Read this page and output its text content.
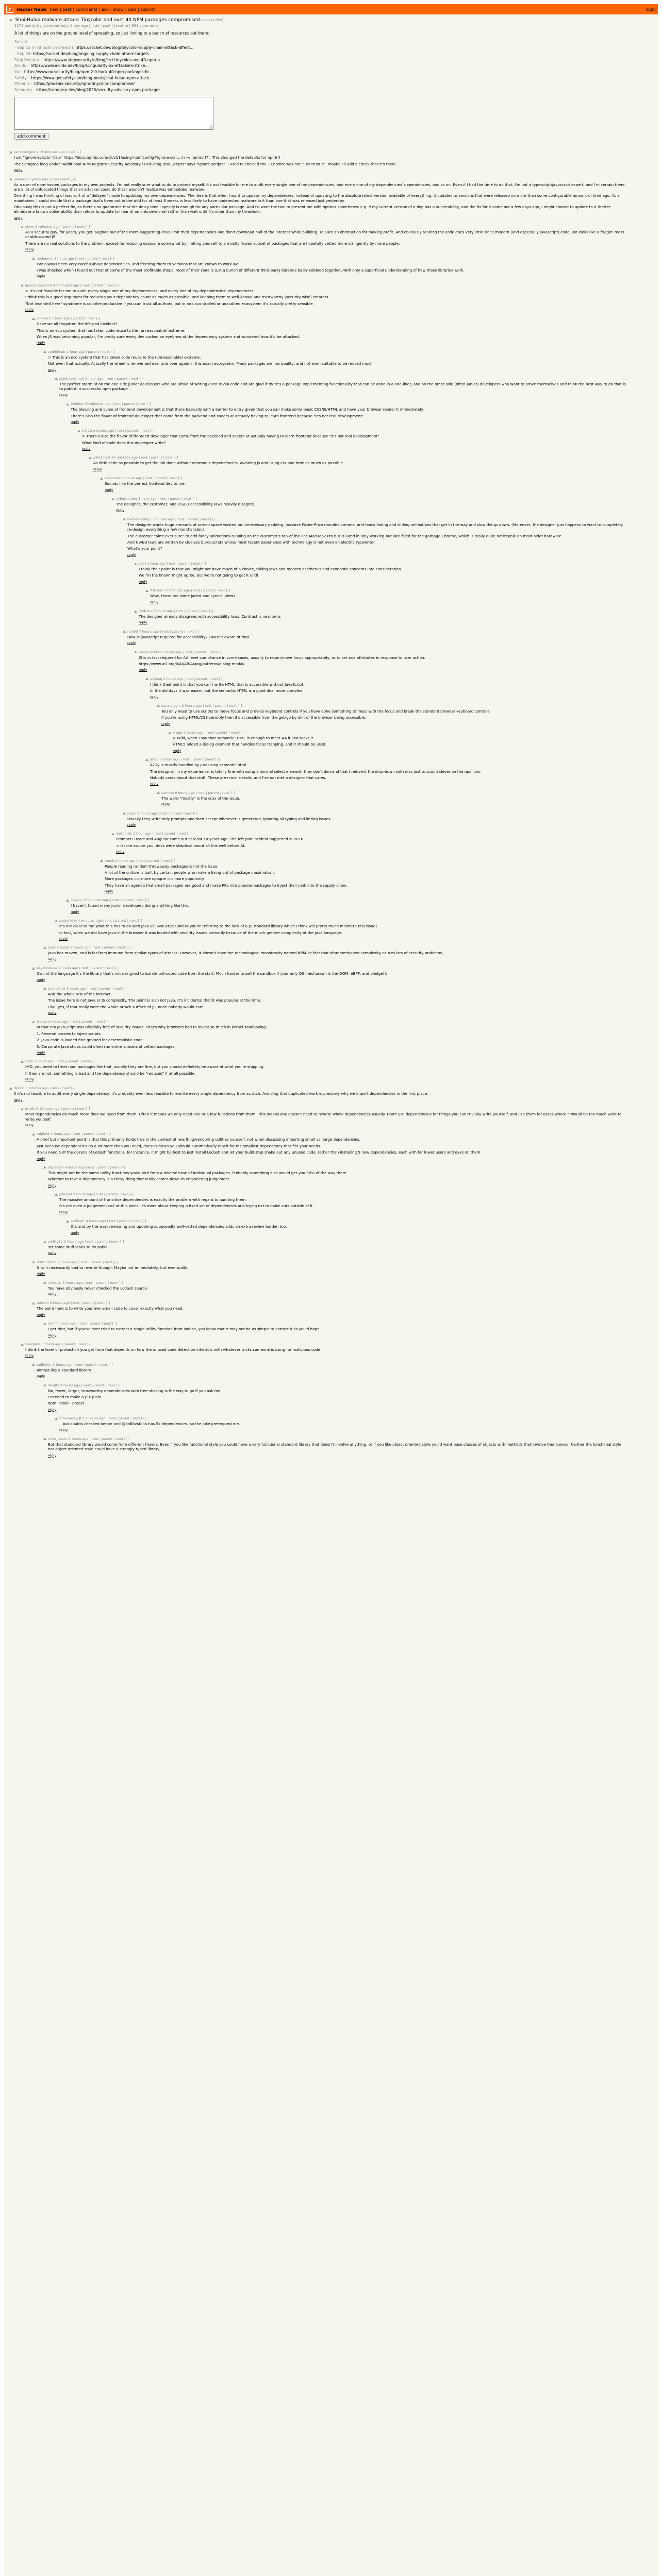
Y	Hacker News new | past | comments | ask | show | jobs | submit	login
Shai-Hulud malware attack: Tinycolor and over 40 NPM packages compromised (socket.dev)
1176 points by jamesberthoty 1 day ago | hide | past | favorite | 961 comments
A lot of things are on the ground level of spreading, so just linking to a bunch of resources out there:
Socket:
- Sep 15 (First post on breach): https://socket.dev/blog/tinycolor-supply-chain-attack-affect...
- Sep 16: https://socket.dev/blog/ongoing-supply-chain-attack-targets...
StepSecurity – https://www.stepsecurity.io/blog/ctrl-tinycolor-and-40-npm-p...
Aikido – https://www.aikido.dev/blog/s1ngularity-nx-attackers-strike...
Ox – https://www.ox.security/blog/npm-2-0-hack-40-npm-packages-hi...
Safety – https://www.getsafety.com/blog-posts/shai-hulud-npm-attack
Phoenix – https://phoenix.security/npm-tinycolor-compromise/
Semgrep – https://semgrep.dev/blog/2025/security-advisory-npm-packages...
add comment
tamodahgomar 9 minutes ago | next [–]

I set "ignore-scripts=true" https://docs.npmjs.com/cli/v11/using-npm/config#ignore-scri... in ~/.npmrc(!?). This changed the defaults for npm(!)

The Semgrep blog under "Additional NPM Registry Security Advisory / Reducing Risk Scripts" says "ignore-scripts". I used to check if the ~/.npmrc was not "just trust it", maybe I'll add a check that it's there.

reply
jlarsen 53 years ago | prev | next [–]

As a user of npm-hosted packages in my own projects, I'm not really sure what to do to protect myself. It's not feasible for me to audit every single one of my dependencies, and every one of my dependencies' dependencies, and so on. Even if I had the time to do that, I'm not a typescript/javascript expert, and I'm certain there are a lot of obfuscated things that an attacker could do that I wouldn't realize was embedded malware.

One thing I was thinking of was sort of a "delayed" mode to updating my own dependencies. The idea is that when I want to update my dependencies, instead of updating to the absolute latest version available of everything, it updates to versions that were released no more than some configurable amount of time ago. As a maintainer, I could decide that a package that's been out in the wild for at least 6 weeks is less likely to have undetected malware in it than one that was released just yesterday.

Obviously this is not a perfect fix, as there's no guarantee that the delay time I specify is enough for any particular package. And I'd want the tool to present me with options sometimes: e.g. if my current version of a dep has a vulnerability, and the fix for it came out a few days ago, I might choose to update to it (better eliminate a known vulnerability than refuse to update for fear of an unknown one) rather than wait until it's older than my threshold.

reply
steve 3 minutes ago | parent | next [–]

As a security guy, for years, you get laughed out of the room suggesting devs limit their dependencies and don't download half of the internet while building. You are an obstruction for making profit. And obviously reading the code does very little since modern (and especially Javascript) code just looks like a friggin' mess of obfuscated JS.

There are no real solutions to the problem, except for reducing exposure somewhat by limiting yourself to a mostly frozen subset of packages that are hopefully vetted more stringently by more people.

reply
nedunnes 4 hours ago | root | parent | next [–]

I've always been very careful about dependencies, and freezing them to versions that are known to work well.

I was shocked when I found out that at some of the most profitable shops, most of their code is just a bunch of different third-party libraries badly cobbled together, with only a superficial understanding of how those libraries work.

reply
ljosemusswatch 47 minutes ago | root | parent | next [–]

> It's not feasible for me to audit every single one of my dependencies, and every one of my dependencies' dependencies

I think this is a good argument for reducing your dependency count as much as possible, and keeping them to well-known and trustworthy (security-wise) creators.

"Not invented here" syndrome is counter-productive if you can trust all authors, but in an uncontrolled or unaudited ecosystem it's actually pretty sensible.

reply
johnmcc 1 hour ago | parent | next [–]

Have we all forgotten the left-pad incident?

This is an eco system that has taken code reuse to the (unreasonable) extreme.

When JS was becoming popular, I'm pretty sure every dev cocked an eyebrow at the dependency system and wondered how it'd be attacked.

reply
zelphirkalt 1 hour ago | parent | next [–]

> This is an eco system that has taken code reuse to the (unreasonable) extreme.

Not even that actually. Actually the wheel is reinvented over and over again in this exact ecosystem. Many packages are low quality, and not even suitable to be reused much.

reply
pixelatedsmarj 1 hour ago | root | parent | next [–]

The perfect storm of on the one side junior developers who are afraid of writing even trivial code and are glad if there's a package implementing functionality that can be done in a one-liner, and on the other side (often junior) developers who want to prove themselves and think the best way to do that is to publish a successful npm package

reply
bobbier 50 minutes ago | root | parent | next [–]

The blessing and curse of frontend development is that there basically isn't a barrier to entry given that you can make some basic CSS/JS/HTML and have your browser render it immediately.

There's also the flavor of frontend developer that came from the backend and sneers at actually having to learn frontend because "it's not real development"

reply
tr2 12 minutes ago | root | parent | next [–]

> There's also the flavor of frontend developer that came from the backend and sneers at actually having to learn frontend because "it's not real development"

What kind of code does this developer write?

reply
pilotsmart 42 minutes ago | root | parent | next [–]

As little code as possible to get the job done without enormous dependencies. Avoiding js and using css and html as much as possible.

reply
scourman 2 hours ago | root | parent | next [–]

Sounds like the perfect frontend dev to me.

reply
cyberbender 1 hour ago | root | parent | next [–]

The designer, the customer, and US/EU accessibility laws heavily disagree.

reply
hackerbuddy 5 minutes ago | root | parent | next [–]

The designer wants huge amounts of screen space wasted on unnecessary padding, massive Fisher-Price rounded corners, and fancy fading and sliding animations that get in the way and slow things down. (Moreover, the designer just happens to want to completely re-design everything a few months later.)

The customer "ain't ever sure" to add fancy animations running on the customer's top-of-the-line MacBook Pro but is lured in only working but late-filled for the garbage Chrome, which is really quite noticeable on most older hardware.

And US/EU laws are written by clueless bureaucrats whose most recent experience with technology is not even an electric typewriter.

What's your point?

reply
zxc1 1 hour ago | root | parent | next [–]

I think their point is that you might not have much of a choice, taking laws and modern aesthetics and economic concerns into consideration.

We "in the know" might agree, but we're not going to get it until

reply
ffstrans 57 minutes ago | root | parent | next [–]

Wow, those are some jaded and cynical views.

reply
jfndyms 2 hours ago | root | parent | next [–]

The designer already disagrees with accessibility laws. Contrast is near zero.

reply
rich99 7 hours ago | root | parent | next [–]

How is javascript required for accessibility? I wasn't aware of that.

reply
rasmusnikkor 7 hours ago | root | parent | next [–]

JS is in fact required for AA level compliance in some cases, usually to retain/move focus appropriately, or to set aria attributes in response to user action.

https://www.w3.org/WAI/ARIA/apg/patterns/dialog-modal/

reply
pojkuaj 2 hours ago | root | parent | next [–]

I think their point is that you can't write HTML that is accessible without JavaScript.

In the old days it was easier, but the semantic HTML is a good deal more complex.

reply
securelogin 3 hours ago | root | parent | next [–]

You only need to use scripts to move focus and provide keyboard controls if you have done something to mess with the focus and break the standard browser keyboard controls.

If you're using HTML/CSS sensibly then it's accessible from the get-go by dint of the browser being accessible.

reply
krapp 2 hours ago | root | parent | next [–]

> Wild, when I say that semantic HTML is enough to meet AA it just tacks it.

HTML5 added a dialog element that handles focus trapping, and it should be used.

reply
jm93 9 hours ago | root | parent | next [–]

A11y is mostly handled by just using semantic html.

The designer, in my experience, is totally fine with using a normal select element, they don't demand that I reinvent the drop-down with divs just to sound clever on the opinions.

Nobody cares about that stuff. These are minor details, and I've not met a designer that cares.

reply
sammh 8 hours ago | root | parent | next [–]

The word "mostly" is the crux of the issue.

reply
rewzi 2 hours ago | root | parent | next [–]

Usually they write only prompts and then accept whatever is generated, ignoring all typing and linting issues

reply
leetharris 1 hour ago | root | parent | next [–]

Prompts? React and Angular came out at least 10 years ago. The left-pad incident happened in 2016.

> let me assure you, devs were skeptical about all this well before AI.

reply
maxb 2 hours ago | root | parent | next [–]

People reading random throwaway packages is not the issue.

A lot of the culture is built by certain people who make a living out of package maximalism.

More packages == more opaque == more popularity.

They have an agenda that small packages are good and made PRs into popular packages to inject their junk into the supply chain.

reply
lowpro 27 minutes ago | root | parent | next [–]

I haven't found many junior developers doing anything like this.

reply
polyomino 4 minutes ago | root | parent | next [–]

It's not clear to me what this has to do with Java vs JavaScript (unless you're referring to the lack of a JS standard library which I think will pretty much minimize this issue).

In fact, when we did have Java in the browser it was loaded with security issues primarily because of the much greater complexity of the Java language.

reply
nyarlathotep 2 hours ago | root | parent | next [–]

Java has maven, and is far from immune from similar types of attacks. However, it doesn't have the technological monstrosity named NPM. In fact that aforementioned complexity causes lots of security problems.

reply
psychoslave 2 hours ago | root | parent | next [–]

It's not the language it's the library that's not designed to isolate untrusted code from the start. Much harder to sell the sandbox if your only OS mechanism is the DOM, eBPF, and pledge().

reply
tcrenshaw 3 hours ago | root | parent | next [–]

And the whole rest of the internet.

The issue here is not Java or JS complexity. The point is also not Java. It's incidental that it was popular at the time.

Like, yes, if that really were the whole attack surface of JS, none nobody would care.

reply
fcoury 2 hours ago | root | parent | next [–]

In that era JavaScript was blissfully free of security issues. That's why browsers had to invest so much in kernel sandboxing.

1. Reverse proxies to inject scripts.

2. Java code is loaded fine-grained for deterministic code.

3. Corporate Java shops could often run entire subsets of vetted packages.

reply
rpsw 2 hours ago | root | parent | next [–]

IMO, you need to treat npm packages like that, usually they are fine, but you should definitely be aware of what you're shipping.

If they are not, something is bad and the dependency should be "reduced" if at all possible.

reply
dpolit 5 minutes ago | prev | next [–]

If it's not feasible to audit every single dependency, it's probably even less feasible to rewrite every single dependency from scratch. Avoiding that duplicated work is precisely why we import dependencies in the first place.

reply
jmallick 12 days ago | parent | next [–]

Most dependencies do much more than we need from them. Often it means we only need one or a few functions from them. This means one doesn't need to rewrite whole dependencies usually. Don't use dependencies for things you can trivially write yourself, and use them for cases where it would be too much work to write yourself.

reply
ralph84 4 hours ago | root | parent | next [–]

A brief but important point is that this primarily holds true in the context of rewriting/vendoring utilities yourself, not when discussing importing small vs. large dependencies.

Just because dependencies do a lot more than you need, doesn't mean you should automatically reach for the smallest dependency that fits your needs.

If you need 5 of the dozens of Lodash functions, for instance, it might be best to just install Lodash and let your build step shake out any unused code, rather than installing 5 new dependencies, each with far fewer users and eyes on them.

reply
skydhash 4 hours ago | root | parent | next [–]

This might not be the same utility functions you'd pick from a diverse base of individual packages. Probably something else would get you 90% of the way there.

Whether to take a dependency is a tricky thing that really comes down to engineering judgement.

reply
jcboxall 2 hours ago | root | parent | next [–]

The massive amount of transitive dependencies is exactly the problem with regard to auditing them.

It's not even a judgement call at this point. It's more about keeping a fixed set of dependencies and trying not to make cuts outside of it.

reply
andlogic 4 hours ago | root | parent | next [–]

Oh, and by the way, reviewing and updating supposedly well-vetted dependencies adds an extra review burden too.

reply
smitty1e 3 hours ago | root | parent | next [–]

Yet some stuff looks so reusable.

reply
duttonthom 2 hours ago | root | parent | next [–]

It isn't necessarily bad to rewrite though. Maybe not immediately, but eventually.

reply
nullmap 5 hours ago | root | parent | next [–]

You have obviously never checked the Lodash source.

reply
mtotah 8 hours ago | root | parent | next [–]

The point here is to write your own small code to cover exactly what you need.

reply
lmm 4 hours ago | root | parent | next [–]

I get that, but if you've ever tried to extract a single utility function from lodash, you know that it may not be as simple to extract it as you'd hope.

reply
bearjaws 3 hours ago | parent | next [–]

I think the level of protection you get from that depends on how the unused code detection interacts with whatever tricks someone is using for malicious code.

reply
tadfisher 2 hours ago | root | parent | next [–]

Almost like a standard library.

reply
Tarq0n 9 hours ago | root | parent | next [–]

No, fewer, larger, trustworthy dependencies with tree-shaking is the way to go if you ask me.

I needed to make a JSX plain

npm install - preact

reply
throwawayQFY 2 hours ago | root | parent | next [–]

...but doubts checked before and @stdlib/stdlib has 5k dependencies, so the joke preempted me.

reply
mike_hearn 2 hours ago | root | parent | next [–]

But that standard library would come from different flavors. Even if you like functional style you could have a very functional standard library that doesn't involve anything, or if you like object oriented style you'd want base classes of objects with methods that involve themselves. Neither the functional style nor object oriented style could have a strongly typed library.

reply
